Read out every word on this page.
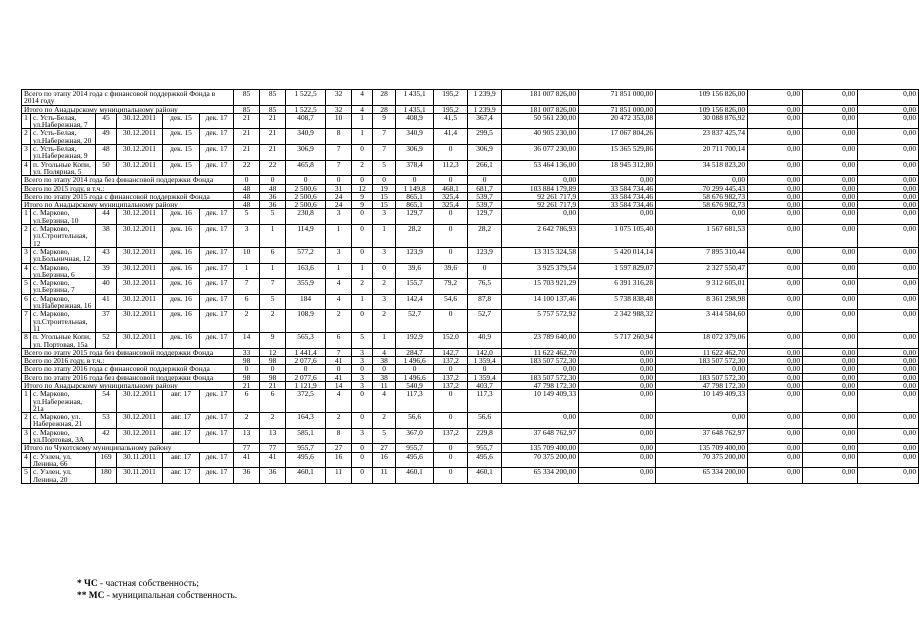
Всего по этапу 2014 года с финансовой поддержкой Фонда в 2014 году						85	85	1 522,5	32	4	28	1 435,1	195,2	1 239,9	181 007 826,00	71 851 000,00	109 156 826,00	0,00	0,00	0,00
Итого по Анадырскому муниципальному району						85	85	1 522,5	32	4	28	1 435,1	195,2	1 239,9	181 007 826,00	71 851 000,00	109 156 826,00	0,00	0,00	0,00
1	с. Усть-Белая, ул.Набережная, 7	45	30.12.2011	дек. 15	дек. 17	21	21	408,7	10	1	9	408,9	41,5	367,4	50 561 230,00	20 472 353,08	30 088 876,92	0,00	0,00	0,00
2	с. Усть-Белая, ул.Набережная, 20	49	30.12.2011	дек. 15	дек. 17	21	21	340,9	8	1	7	340,9	41,4	299,5	40 905 230,00	17 067 804,26	23 837 425,74	0,00	0,00	0,00
3	с. Усть-Белая, ул.Набережная, 9	48	30.12.2011	дек. 15	дек. 17	21	21	306,9	7	0	7	306,9	0	306,9	36 077 230,00	15 365 529,86	20 711 700,14	0,00	0,00	0,00
4	п. Угольные Копи, ул. Полярная, 5	50	30.12.2011	дек. 15	дек. 17	22	22	465,8	7	2	5	378,4	112,3	266,1	53 464 136,00	18 945 312,80	34 518 823,20	0,00	0,00	0,00
Всего по этапу 2014 года без финансовой поддержки Фонда						0	0	0	0	0	0	0	0	0	0,00	0,00	0,00	0,00	0,00	0,00
Всего по 2015 году, в т.ч.:						48	48	2 500,6	31	12	19	1 149,8	468,1	681,7	103 884 179,89	33 584 734,46	70 299 445,43	0,00	0,00	0,00
Всего по этапу 2015 года с финансовой поддержкой Фонда						48	36	2 500,6	24	9	15	865,1	325,4	539,7	92 261 717,9	33 584 734,46	58 676 982,73	0,00	0,00	0,00
Итого по Анадырскому муниципальному району						48	36	2 500,6	24	9	15	865,1	325,4	539,7	92 261 717,9	33 584 734,46	58 676 982,73	0,00	0,00	0,00
1	с. Марково, ул.Берзина, 10	44	30.12.2011	дек. 16	дек. 17	5	5	230,8	3	0	3	129,7	0	129,7	0,00	0,00	0,00	0,00	0,00	0,00
2	с. Марково, ул.Строительная, 12	38	30.12.2011	дек. 16	дек. 17	3	1	114,9	1	0	1	28,2	0	28,2	2 642 786,93	1 075 105,40	1 567 681,53	0,00	0,00	0,00
3	с. Марково, ул.Больничная, 12	43	30.12.2011	дек. 16	дек. 17	10	6	577,2	3	0	3	123,9	0	123,9	13 315 324,58	5 420 014,14	7 895 310,44	0,00	0,00	0,00
4	с. Марково, ул.Берзина, 6	39	30.12.2011	дек. 16	дек. 17	1	1	163,6	1	1	0	39,6	39,6	0	3 925 379,54	1 597 829,07	2 327 550,47	0,00	0,00	0,00
5	с. Марково, ул.Берзина, 7	40	30.12.2011	дек. 16	дек. 17	7	7	355,9	4	2	2	155,7	79,2	76,5	15 703 921,29	6 391 316,28	9 312 605,01	0,00	0,00	0,00
6	с. Марково, ул.Набережная, 16	41	30.12.2011	дек. 16	дек. 17	6	5	184	4	1	3	142,4	54,6	87,8	14 100 137,46	5 738 838,48	8 361 298,98	0,00	0,00	0,00
7	с. Марково, ул.Строительная, 11	37	30.12.2011	дек. 16	дек. 17	2	2	108,9	2	0	2	52,7	0	52,7	5 757 572,92	2 342 988,32	3 414 584,60	0,00	0,00	0,00
8	п. Угольные Копи, ул. Портовая, 15а	52	30.12.2011	дек. 16	дек. 17	14	9	565,3	6	5	1	192,9	152,0	40,9	23 789 640,00	5 717 260,94	18 072 379,06	0,00	0,00	0,00
Всего по этапу 2015 года без финансовой поддержки Фонда						33	12	1 441,4	7	3	4	284,7	142,7	142,0	11 622 462,70	0,00	11 622 462,70	0,00	0,00	0,00
Всего по 2016 году, в т.ч.:						98	98	2 077,6	41	3	38	1 496,6	137,2	1 359,4	183 507 572,30	0,00	183 507 572,30	0,00	0,00	0,00
Всего по этапу 2016 года с финансовой поддержкой Фонда						0	0	0	0	0	0	0	0	0	0,00	0,00	0,00	0,00	0,00	0,00
Всего по этапу 2016 года без финансовой поддержки Фонда						98	98	2 077,6	41	3	38	1 496,6	137,2	1 359,4	183 507 572,30	0,00	183 507 572,30	0,00	0,00	0,00
Итого по Анадырскому муниципальному району						21	21	1 121,9	14	3	11	540,9	137,2	403,7	47 798 172,30	0,00	47 798 172,30	0,00	0,00	0,00
1	с. Марково, ул.Набережная, 21а	54	30.12.2011	авг. 17	дек. 17	6	6	372,5	4	0	4	117,3	0	117,3	10 149 409,33	0,00	10 149 409,33	0,00	0,00	0,00
2	с. Марково, ул. Набережная, 21	53	30.12.2011	авг. 17	дек. 17	2	2	164,3	2	0	2	56,6	0	56,6	0,00	0,00	0,00	0,00	0,00	0,00
3	с. Марково, ул.Портовая, 3А	42	30.12.2011	авг. 17	дек. 17	13	13	585,1	8	3	5	367,0	137,2	229,8	37 648 762,97	0,00	37 648 762,97	0,00	0,00	0,00
Итого по Чукотскому муниципальному району						77	77	955,7	27	0	27	955,7	0	955,7	135 709 400,00	0,00	135 709 400,00	0,00	0,00	0,00
4	с. Уэлен, ул. Ленина, 66	169	30.11.2011	авг. 17	дек. 17	41	41	495,6	16	0	16	495,6	0	495,6	70 375 200,00	0,00	70 375 200,00	0,00	0,00	0,00
5	с. Уэлен, ул. Ленина, 20	180	30.11.2011	авг. 17	дек. 17	36	36	460,1	11	0	11	460,1	0	460,1	65 334 200,00	0,00	65 334 200,00	0,00	0,00	0,00
* ЧС - частная собственность;
** МС - муниципальная собственность.
